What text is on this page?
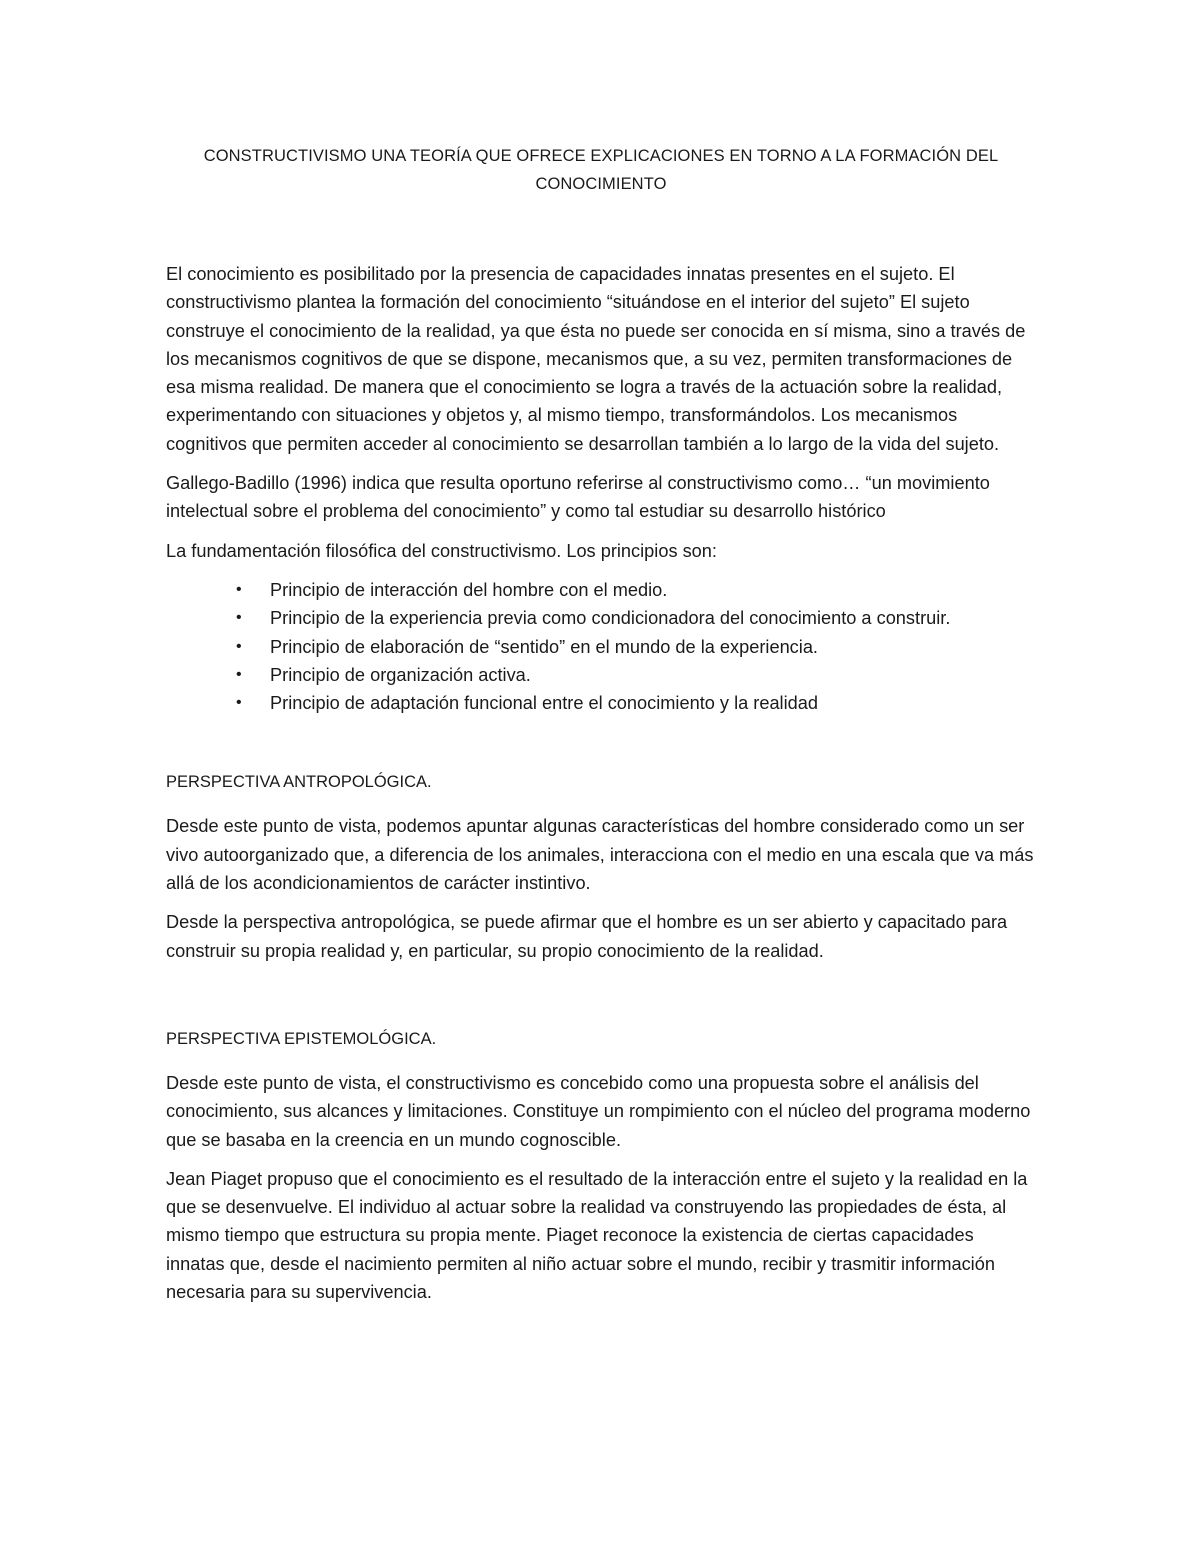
CONSTRUCTIVISMO UNA TEORÍA QUE OFRECE EXPLICACIONES EN TORNO A LA FORMACIÓN DEL CONOCIMIENTO

El conocimiento es posibilitado por la presencia de capacidades innatas presentes en el sujeto. El constructivismo plantea la formación del conocimiento “situándose en el interior del sujeto” El sujeto construye el conocimiento de la realidad, ya que ésta no puede ser conocida en sí misma, sino a través de los mecanismos cognitivos de que se dispone, mecanismos que, a su vez, permiten transformaciones de esa misma realidad. De manera que el conocimiento se logra a través de la actuación sobre la realidad, experimentando con situaciones y objetos y, al mismo tiempo, transformándolos. Los mecanismos cognitivos que permiten acceder al conocimiento se desarrollan también a lo largo de la vida del sujeto.

Gallego-Badillo (1996) indica que resulta oportuno referirse al constructivismo como… “un movimiento intelectual sobre el problema del conocimiento” y como tal estudiar su desarrollo histórico

La fundamentación filosófica del constructivismo. Los principios son:

• Principio de interacción del hombre con el medio.
• Principio de la experiencia previa como condicionadora del conocimiento a construir.
• Principio de elaboración de “sentido” en el mundo de la experiencia.
• Principio de organización activa.
• Principio de adaptación funcional entre el conocimiento y la realidad
PERSPECTIVA ANTROPOLÓGICA.

Desde este punto de vista, podemos apuntar algunas características del hombre considerado como un ser vivo autoorganizado que, a diferencia de los animales, interacciona con el medio en una escala que va más allá de los acondicionamientos de carácter instintivo.

Desde la perspectiva antropológica, se puede afirmar que el hombre es un ser abierto y capacitado para construir su propia realidad y, en particular, su propio conocimiento de la realidad.

PERSPECTIVA EPISTEMOLÓGICA.

Desde este punto de vista, el constructivismo es concebido como una propuesta sobre el análisis del conocimiento, sus alcances y limitaciones. Constituye un rompimiento con el núcleo del programa moderno que se basaba en la creencia en un mundo cognoscible.

Jean Piaget propuso que el conocimiento es el resultado de la interacción entre el sujeto y la realidad en la que se desenvuelve. El individuo al actuar sobre la realidad va construyendo las propiedades de ésta, al mismo tiempo que estructura su propia mente. Piaget reconoce la existencia de ciertas capacidades innatas que, desde el nacimiento permiten al niño actuar sobre el mundo, recibir y trasmitir información necesaria para su supervivencia.
